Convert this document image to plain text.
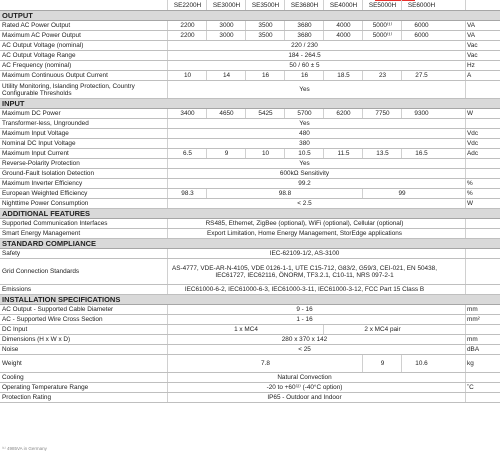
SE2200H	SE3000H	SE3500H	SE3680H	SE4000H	SE5000H	SE6000H
OUTPUT
Rated AC Power Output	2200	3000	3500	3680	4000	5000⁽¹⁾	6000	VA
Maximum AC Power Output	2200	3000	3500	3680	4000	5000⁽¹⁾	6000	VA
AC Output Voltage (nominal)	220 / 230	Vac
AC Output Voltage Range	184 - 264.5	Vac
AC Frequency (nominal)	50 / 60 ± 5	Hz
Maximum Continuous Output Current	10	14	16	16	18.5	23	27.5	A
Utility Monitoring, Islanding Protection, Country Configurable Thresholds	Yes
INPUT
Maximum DC Power	3400	4650	5425	5700	6200	7750	9300	W
Transformer-less, Ungrounded	Yes
Maximum Input Voltage	480	Vdc
Nominal DC Input Voltage	380	Vdc
Maximum Input Current	6.5	9	10	10.5	11.5	13.5	16.5	Adc
Reverse-Polarity Protection	Yes
Ground-Fault Isolation Detection	600kΩ Sensitivity
Maximum Inverter Efficiency	99.2	%
European Weighted Efficiency	98.3	98.8	99	%
Nighttime Power Consumption	< 2.5	W
ADDITIONAL FEATURES
Supported Communication Interfaces	RS485, Ethernet, ZigBee (optional), WiFi (optional), Cellular (optional)
Smart Energy Management	Export Limitation, Home Energy Management, StorEdge applications
STANDARD COMPLIANCE
Safety	IEC-62109-1/2, AS-3100
Grid Connection Standards	AS-4777, VDE-AR-N-4105, VDE 0126-1-1, UTE C15-712, G83/2, G59/3, CEI-021, EN 50438, IEC61727, IEC62116, ÖNORM, TF3.2.1, C10-11, NRS 097-2-1
Emissions	IEC61000-6-2, IEC61000-6-3, IEC61000-3-11, IEC61000-3-12, FCC Part 15 Class B
INSTALLATION SPECIFICATIONS
AC Output - Supported Cable Diameter	9 - 16	mm
AC - Supported Wire Cross Section	1 - 16	mm²
DC Input	1 x MC4	2 x MC4 pair
Dimensions (H x W x D)	280 x 370 x 142	mm
Noise	< 25	dBA
Weight	7.8	9	10.6	kg
Cooling	Natural Convection
Operating Temperature Range	-20 to +60⁽²⁾ (-40°C option)	˚C
Protection Rating	IP65 - Outdoor and Indoor
⁽¹⁾ 4985VA in Germany
